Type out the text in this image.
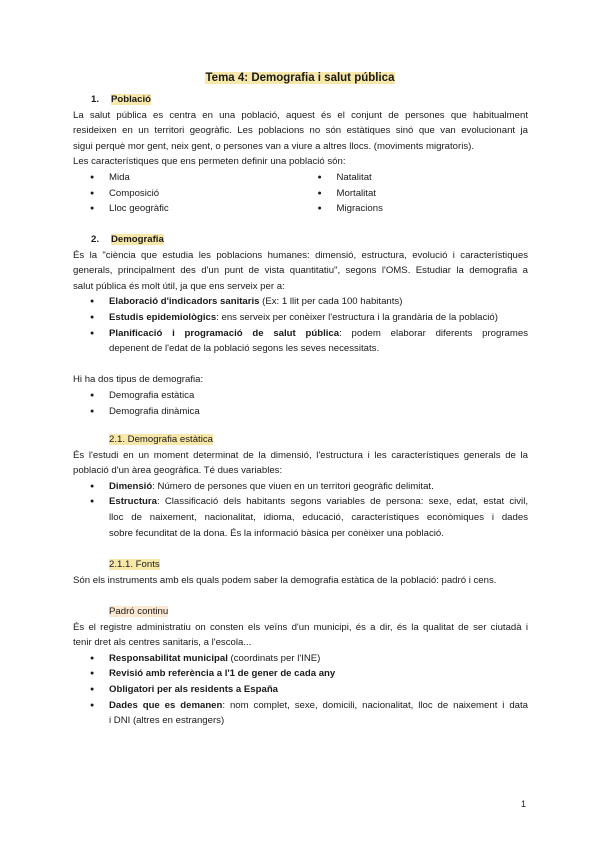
Tema 4: Demografia i salut pública
1. Població
La salut pública es centra en una població, aquest és el conjunt de persones que habitualment
resideixen en un territori geogràfic. Les poblacions no són estàtiques sinó que van evolucionant ja
sigui perquè mor gent, neix gent, o persones van a viure a altres llocs. (moviments migratoris).
Les característiques que ens permeten definir una població són:
● Mida
● Composició
● Lloc geogràfic
● Natalitat
● Mortalitat
● Migracions
2. Demografia
És la "ciència que estudia les poblacions humanes: dimensió, estructura, evolució i característiques
generals, principalment des d'un punt de vista quantitatiu", segons l'OMS. Estudiar la demografia a
salut pública és molt útil, ja que ens serveix per a:
● Elaboració d'indicadors sanitaris (Ex: 1 llit per cada 100 habitants)
● Estudis epidemiològics: ens serveix per conèixer l'estructura i la grandària de la població)
● Planificació i programació de salut pública: podem elaborar diferents programes
depenent de l'edat de la població segons les seves necessitats.
Hi ha dos tipus de demografia:
● Demografia estàtica
● Demografia dinàmica
2.1. Demografia estàtica
És l'estudi en un moment determinat de la dimensió, l'estructura i les característiques generals de la
població d'un àrea geogràfica. Té dues variables:
● Dimensió: Número de persones que viuen en un territori geogràfic delimitat.
● Estructura: Classificació dels habitants segons variables de persona: sexe, edat, estat civil,
lloc de naixement, nacionalitat, idioma, educació, característiques econòmiques i dades
sobre fecunditat de la dona. És la informació bàsica per conèixer una població.
2.1.1. Fonts
Són els instruments amb els quals podem saber la demografia estàtica de la població: padró i cens.
Padró continu
És el registre administratiu on consten els veïns d'un municipi, és a dir, és la qualitat de ser ciutadà i
tenir dret als centres sanitaris, a l'escola...
● Responsabilitat municipal (coordinats per l'INE)
● Revisió amb referència a l'1 de gener de cada any
● Obligatori per als residents a España
● Dades que es demanen: nom complet, sexe, domicili, nacionalitat, lloc de naixement i data
i DNI (altres en estrangers)
1
